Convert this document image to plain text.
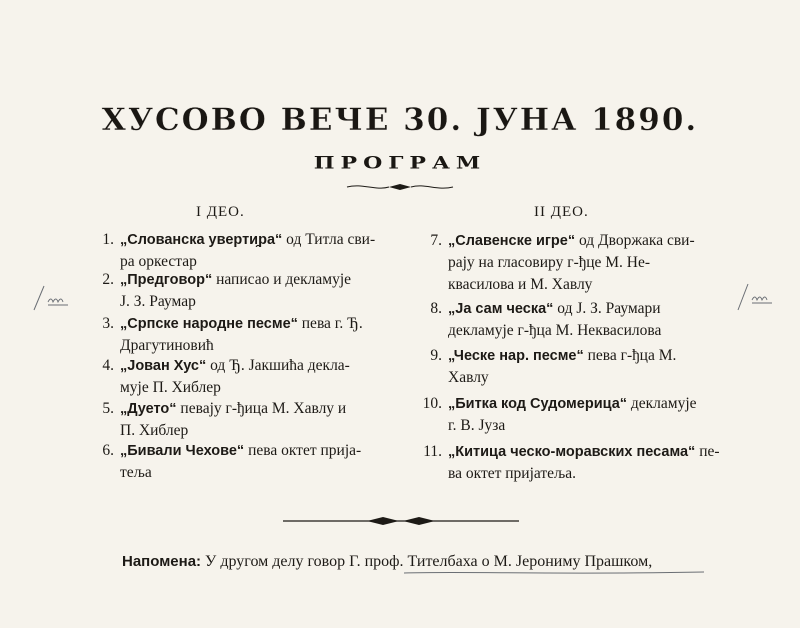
ХУСОВО ВЕЧЕ 30. ЈУНА 1890.
ПРОГРАМ
I ДЕО.
1. „Слованска уверти̯ра“ од Титла сви-
ра оркестар
2. „Предговор“ написао и декламује
Ј. З. Раумар
3. „Српске народне песме“ пева г. Ђ.
Драгутиновић
4. „Јован Хус“ од Ђ. Јакшића декла-
мује П. Хиблер
5. „Дуето“ певају г-ђица М. Хавлу и
П. Хиблер
6. „Бивали Чехове“ пева октет прија-
теља
II ДЕО.
7. „Славенске игре“ од Дворжака сви-
рају на гласовиру г-ђце М. Не-
квасилова и М. Хавлу
8. „Ја сам ческа“ од Ј. З. Раумари
декламује г-ђца М. Неквасилова
9. „Ческе нар. песме“ пева г-ђца М.
Хавлу
10. „Битка код Судомерица“ декламује
г. В. Јуза
11. „Китица ческо-моравских песама“ пе-
ва октет пријатеља.
Напомена: У другом делу говор Г. проф. Тителбаха о М. Јерониму Прашком,
